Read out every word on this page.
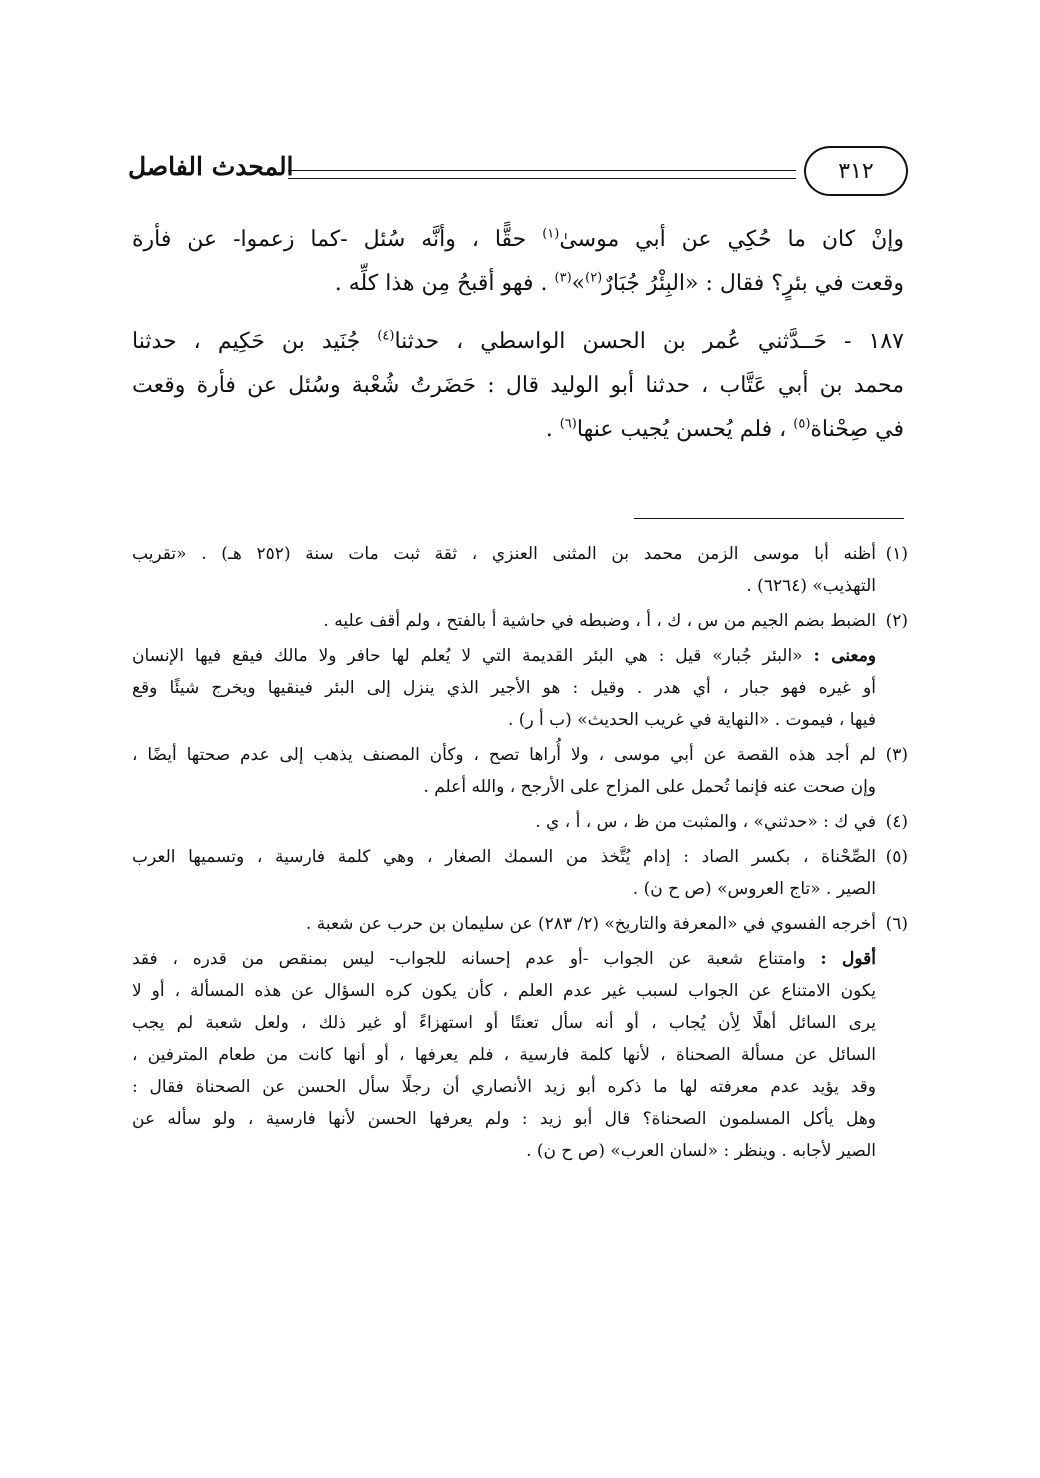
المحدث الفاصل	٣١٢

وإنْ كان ما حُكِي عن أبي موسىٰ$^{(١)}$ حقًّا ، وأنَّه سُئل -كما زعموا- عن فأرة
وقعت في بئرٍ؟ فقال : «البِئْرُ جُبَارٌ$^{(٢)}$»$^{(٣)}$ . فهو أقبحُ مِن هذا كلِّه .

١٨٧ - حَــدَّثني عُمر بن الحسن الواسطي ، حدثنا$^{(٤)}$ جُنَيد بن حَكِيم ، حدثنا
محمد بن أبي عَتَّاب ، حدثنا أبو الوليد قال : حَضَرتُ شُعْبة وسُئل عن فأرة وقعت
في صِحْناة$^{(٥)}$ ، فلم يُحسن يُجيب عنها$^{(٦)}$ .

(١)
أظنه أبا موسى الزمن محمد بن المثنى العنزي ، ثقة ثبت مات سنة (٢٥٢ هـ) . «تقريب
التهذيب» (٦٢٦٤) .
(٢)
الضبط بضم الجيم من س ، ك ، أ ، وضبطه في حاشية أ بالفتح ، ولم أقف عليه .
ومعنى : «البئر جُبار» قيل : هي البئر القديمة التي لا يُعلم لها حافر ولا مالك فيقع فيها الإنسان
أو غيره فهو جبار ، أي هدر . وقيل : هو الأجير الذي ينزل إلى البئر فينقيها ويخرج شيئًا وقع
فيها ، فيموت . «النهاية في غريب الحديث» (ب أ ر) .
(٣)
لم أجد هذه القصة عن أبي موسى ، ولا أُراها تصح ، وكأن المصنف يذهب إلى عدم صحتها أيضًا ،
وإن صحت عنه فإنما تُحمل على المزاح على الأرجح ، والله أعلم .
(٤)
في ك : «حدثني» ، والمثبت من ظ ، س ، أ ، ي .
(٥)
الصِّحْناة ، بكسر الصاد : إدام يُتَّخذ من السمك الصغار ، وهي كلمة فارسية ، وتسميها العرب
الصير . «تاج العروس» (ص ح ن) .
(٦)
أخرجه الفسوي في «المعرفة والتاريخ» (٢/ ٢٨٣) عن سليمان بن حرب عن شعبة .
أقول : وامتناع شعبة عن الجواب -أو عدم إحسانه للجواب- ليس بمنقص من قدره ، فقد
يكون الامتناع عن الجواب لسبب غير عدم العلم ، كأن يكون كره السؤال عن هذه المسألة ، أو لا
يرى السائل أهلًا لِأن يُجاب ، أو أنه سأل تعنتًا أو استهزاءً أو غير ذلك ، ولعل شعبة لم يجب
السائل عن مسألة الصحناة ، لأنها كلمة فارسية ، فلم يعرفها ، أو أنها كانت من طعام المترفين ،
وقد يؤيد عدم معرفته لها ما ذكره أبو زيد الأنصاري أن رجلًا سأل الحسن عن الصحناة فقال :
وهل يأكل المسلمون الصحناة؟ قال أبو زيد : ولم يعرفها الحسن لأنها فارسية ، ولو سأله عن
الصير لأجابه . وينظر : «لسان العرب» (ص ح ن) .
